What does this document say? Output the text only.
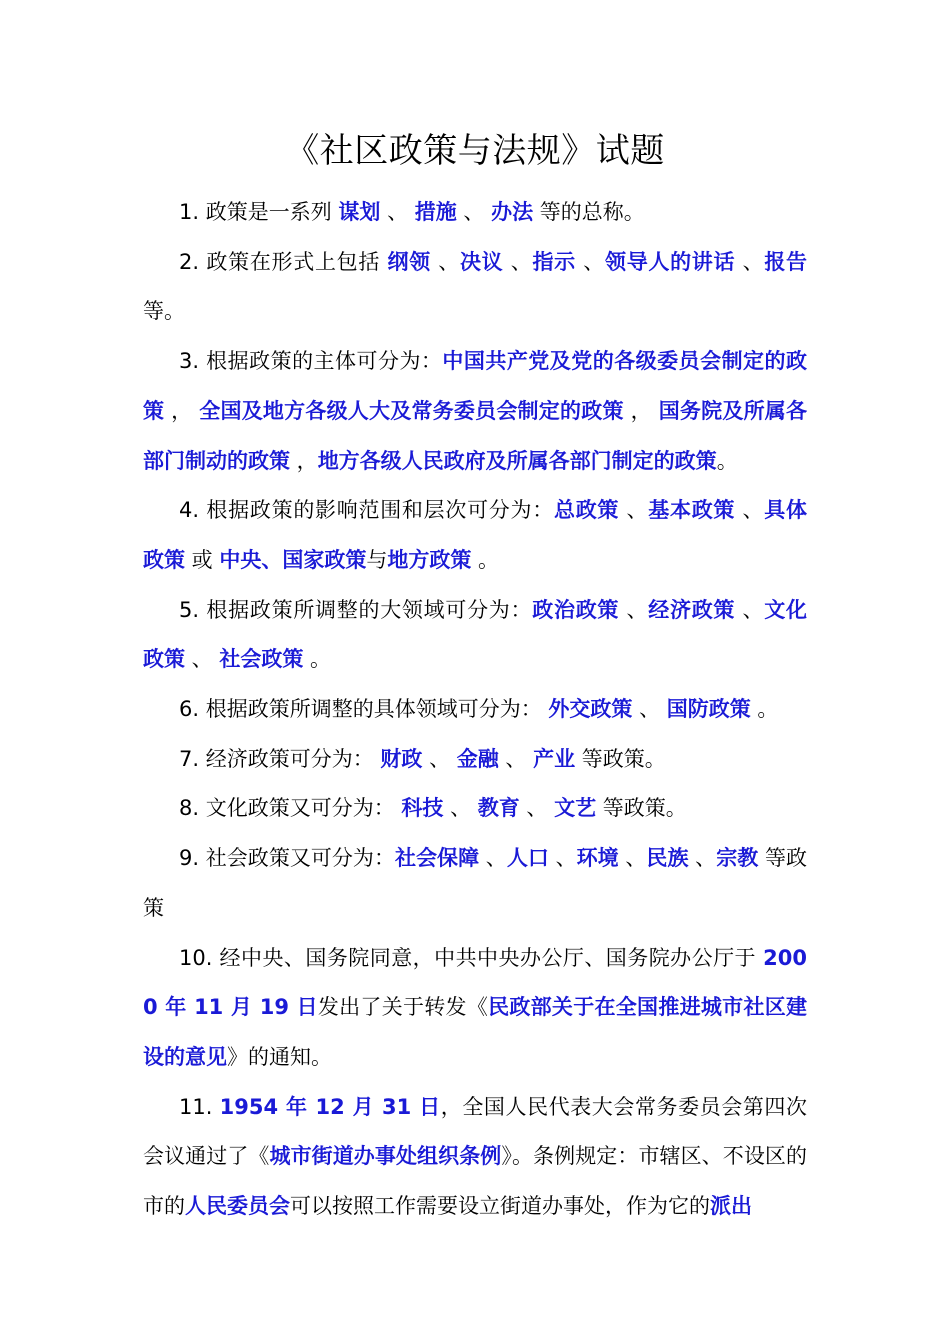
《社区政策与法规》试题

1. 政策是一系列 谋划 、 措施 、 办法 等的总称。

2. 政策在形式上包括 纲领 、决议 、指示 、领导人的讲话 、报告 等。

3. 根据政策的主体可分为：中国共产党及党的各级委员会制定的政策 ， 全国及地方各级人大及常务委员会制定的政策 ， 国务院及所属各部门制动的政策 ，地方各级人民政府及所属各部门制定的政策。

4. 根据政策的影响范围和层次可分为：总政策 、基本政策 、具体政策 或 中央、国家政策与地方政策 。

5. 根据政策所调整的大领域可分为：政治政策 、经济政策 、文化政策 、 社会政策 。

6. 根据政策所调整的具体领域可分为： 外交政策 、 国防政策 。

7. 经济政策可分为： 财政 、 金融 、 产业 等政策。

8. 文化政策又可分为： 科技 、 教育 、 文艺 等政策。

9. 社会政策又可分为：社会保障 、人口 、环境 、民族 、宗教 等政策

10. 经中央、国务院同意，中共中央办公厅、国务院办公厅于 2000 年 11 月 19 日发出了关于转发《民政部关于在全国推进城市社区建设的意见》的通知。

11. 1954 年 12 月 31 日，全国人民代表大会常务委员会第四次会议通过了《城市街道办事处组织条例》。条例规定：市辖区、不设区的市的人民委员会可以按照工作需要设立街道办事处，作为它的派出
